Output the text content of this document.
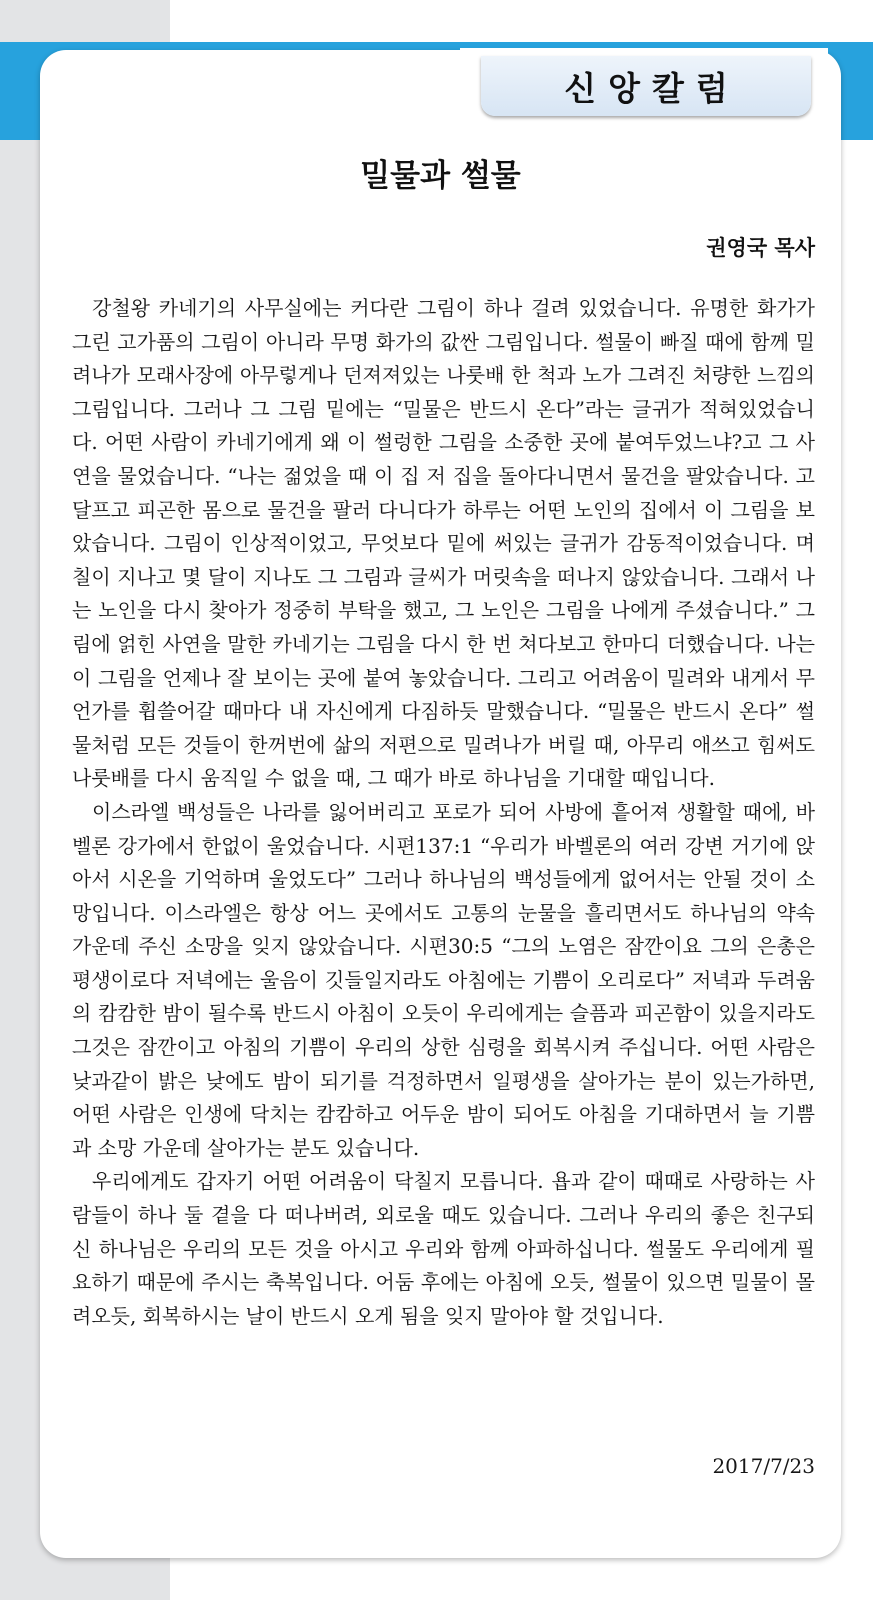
신앙칼럼
밀물과 썰물
권영국 목사

강철왕 카네기의 사무실에는 커다란 그림이 하나 걸려 있었습니다. 유명한 화가가 그린 고가품의 그림이 아니라 무명 화가의 값싼 그림입니다. 썰물이 빠질 때에 함께 밀려나가 모래사장에 아무렇게나 던져져있는 나룻배 한 척과 노가 그려진 처량한 느낌의 그림입니다. 그러나 그 그림 밑에는 “밀물은 반드시 온다”라는 글귀가 적혀있었습니다. 어떤 사람이 카네기에게 왜 이 썰렁한 그림을 소중한 곳에 붙여두었느냐?고 그 사연을 물었습니다. “나는 젊었을 때 이 집 저 집을 돌아다니면서 물건을 팔았습니다. 고달프고 피곤한 몸으로 물건을 팔러 다니다가 하루는 어떤 노인의 집에서 이 그림을 보았습니다. 그림이 인상적이었고, 무엇보다 밑에 써있는 글귀가 감동적이었습니다. 며칠이 지나고 몇 달이 지나도 그 그림과 글씨가 머릿속을 떠나지 않았습니다. 그래서 나는 노인을 다시 찾아가 정중히 부탁을 했고, 그 노인은 그림을 나에게 주셨습니다.” 그림에 얽힌 사연을 말한 카네기는 그림을 다시 한 번 쳐다보고 한마디 더했습니다. 나는 이 그림을 언제나 잘 보이는 곳에 붙여 놓았습니다. 그리고 어려움이 밀려와 내게서 무언가를 휩쓸어갈 때마다 내 자신에게 다짐하듯 말했습니다. “밀물은 반드시 온다” 썰물처럼 모든 것들이 한꺼번에 삶의 저편으로 밀려나가 버릴 때, 아무리 애쓰고 힘써도 나룻배를 다시 움직일 수 없을 때, 그 때가 바로 하나님을 기대할 때입니다.

이스라엘 백성들은 나라를 잃어버리고 포로가 되어 사방에 흩어져 생활할 때에, 바벨론 강가에서 한없이 울었습니다. 시편137:1 “우리가 바벨론의 여러 강변 거기에 앉아서 시온을 기억하며 울었도다” 그러나 하나님의 백성들에게 없어서는 안될 것이 소망입니다. 이스라엘은 항상 어느 곳에서도 고통의 눈물을 흘리면서도 하나님의 약속 가운데 주신 소망을 잊지 않았습니다. 시편30:5 “그의 노염은 잠깐이요 그의 은총은 평생이로다 저녁에는 울음이 깃들일지라도 아침에는 기쁨이 오리로다” 저녁과 두려움의 캄캄한 밤이 될수록 반드시 아침이 오듯이 우리에게는 슬픔과 피곤함이 있을지라도 그것은 잠깐이고 아침의 기쁨이 우리의 상한 심령을 회복시켜 주십니다. 어떤 사람은 낮과같이 밝은 낮에도 밤이 되기를 걱정하면서 일평생을 살아가는 분이 있는가하면, 어떤 사람은 인생에 닥치는 캄캄하고 어두운 밤이 되어도 아침을 기대하면서 늘 기쁨과 소망 가운데 살아가는 분도 있습니다.

우리에게도 갑자기 어떤 어려움이 닥칠지 모릅니다. 욥과 같이 때때로 사랑하는 사람들이 하나 둘 곁을 다 떠나버려, 외로울 때도 있습니다. 그러나 우리의 좋은 친구되신 하나님은 우리의 모든 것을 아시고 우리와 함께 아파하십니다. 썰물도 우리에게 필요하기 때문에 주시는 축복입니다. 어둠 후에는 아침에 오듯, 썰물이 있으면 밀물이 몰려오듯, 회복하시는 날이 반드시 오게 됨을 잊지 말아야 할 것입니다.

2017/7/23
